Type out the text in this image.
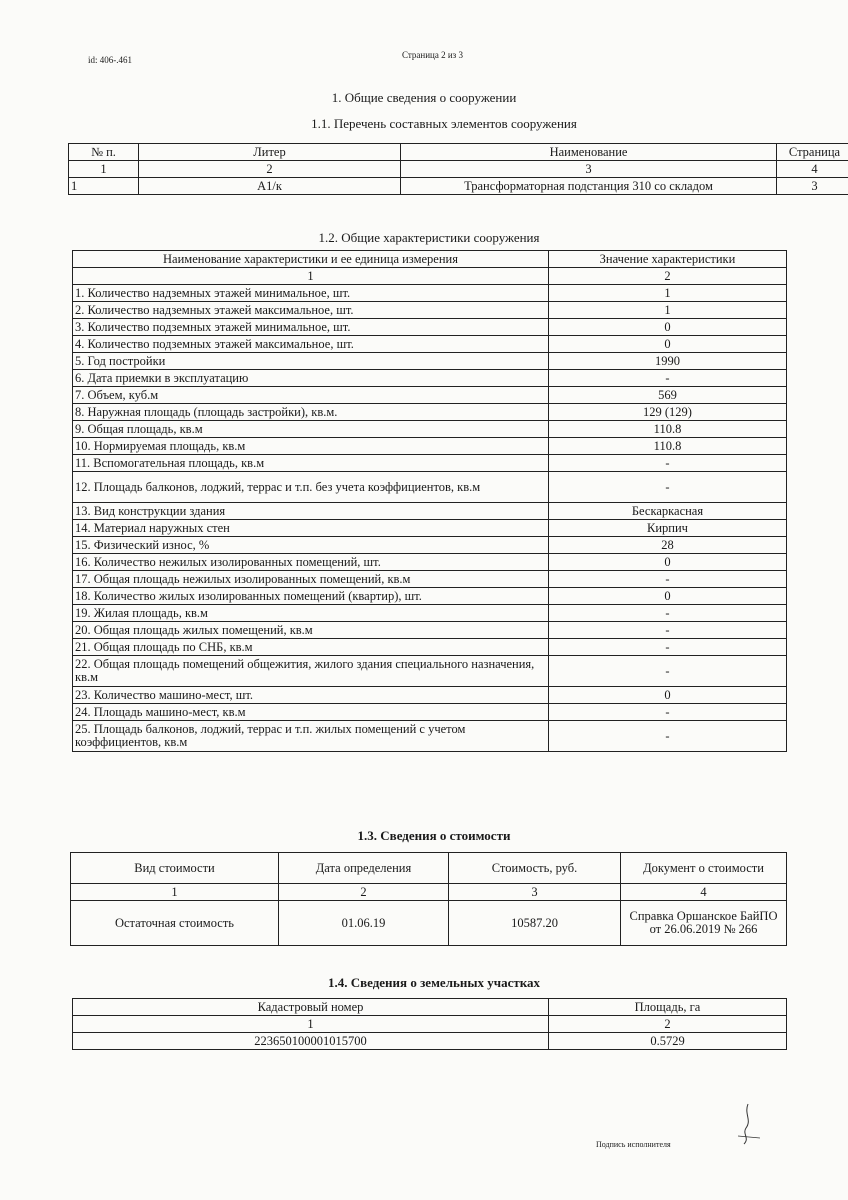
id: 406-.461	Страница 2 из 3
1. Общие сведения о сооружении
1.1. Перечень составных элементов сооружения
№ п.	Литер	Наименование	Страница
1	2	3	4
1	А1/к	Трансформаторная подстанция 310 со складом	3
1.2. Общие характеристики сооружения
Наименование характеристики и ее единица измерения	Значение характеристики
1	2
1. Количество надземных этажей минимальное, шт.	1
2. Количество надземных этажей максимальное, шт.	1
3. Количество подземных этажей минимальное, шт.	0
4. Количество подземных этажей максимальное, шт.	0
5. Год постройки	1990
6. Дата приемки в эксплуатацию	-
7. Объем, куб.м	569
8. Наружная площадь (площадь застройки), кв.м.	129 (129)
9. Общая площадь, кв.м	110.8
10. Нормируемая площадь, кв.м	110.8
11. Вспомогательная площадь, кв.м	-
12. Площадь балконов, лоджий, террас и т.п. без учета коэффициентов, кв.м	-
13. Вид конструкции здания	Бескаркасная
14. Материал наружных стен	Кирпич
15. Физический износ, %	28
16. Количество нежилых изолированных помещений, шт.	0
17. Общая площадь нежилых изолированных помещений, кв.м	-
18. Количество жилых изолированных помещений (квартир), шт.	0
19. Жилая площадь, кв.м	-
20. Общая площадь жилых помещений, кв.м	-
21. Общая площадь по СНБ, кв.м	-
22. Общая площадь помещений общежития, жилого здания специального назначения, кв.м	-
23. Количество машино-мест, шт.	0
24. Площадь машино-мест, кв.м	-
25. Площадь балконов, лоджий, террас и т.п. жилых помещений с учетом коэффициентов, кв.м	-
1.3. Сведения о стоимости
Вид стоимости	Дата определения	Стоимость, руб.	Документ о стоимости
1	2	3	4
Остаточная стоимость	01.06.19	10587.20	Справка Оршанское БайПО от 26.06.2019 № 266
1.4. Сведения о земельных участках
Кадастровый номер	Площадь, га
1	2
223650100001015700	0.5729
Подпись исполнителя
